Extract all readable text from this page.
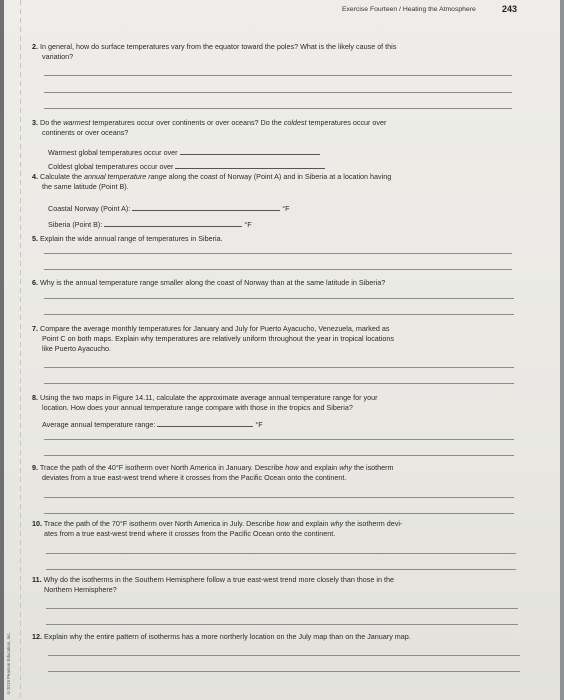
Exercise Fourteen / Heating the Atmosphere	243
2. In general, how do surface temperatures vary from the equator toward the poles? What is the likely cause of this
variation?
3. Do the warmest temperatures occur over continents or over oceans? Do the coldest temperatures occur over
continents or over oceans?
Warmest global temperatures occur over
Coldest global temperatures occur over
4. Calculate the annual temperature range along the coast of Norway (Point A) and in Siberia at a location having
the same latitude (Point B).
Coastal Norway (Point A):	°F
Siberia (Point B):	°F
5. Explain the wide annual range of temperatures in Siberia.
6. Why is the annual temperature range smaller along the coast of Norway than at the same latitude in Siberia?
7. Compare the average monthly temperatures for January and July for Puerto Ayacucho, Venezuela, marked as
Point C on both maps. Explain why temperatures are relatively uniform throughout the year in tropical locations
like Puerto Ayacucho.
8. Using the two maps in Figure 14.11, calculate the approximate average annual temperature range for your
location. How does your annual temperature range compare with those in the tropics and Siberia?
Average annual temperature range:	°F
9. Trace the path of the 40°F isotherm over North America in January. Describe how and explain why the isotherm
deviates from a true east-west trend where it crosses from the Pacific Ocean onto the continent.
10. Trace the path of the 70°F isotherm over North America in July. Describe how and explain why the isotherm devi-
ates from a true east-west trend where it crosses from the Pacific Ocean onto the continent.
11. Why do the isotherms in the Southern Hemisphere follow a true east-west trend more closely than those in the
Northern Hemisphere?
12. Explain why the entire pattern of isotherms has a more northerly location on the July map than on the January map.
©2019 Pearson Education, Inc.
